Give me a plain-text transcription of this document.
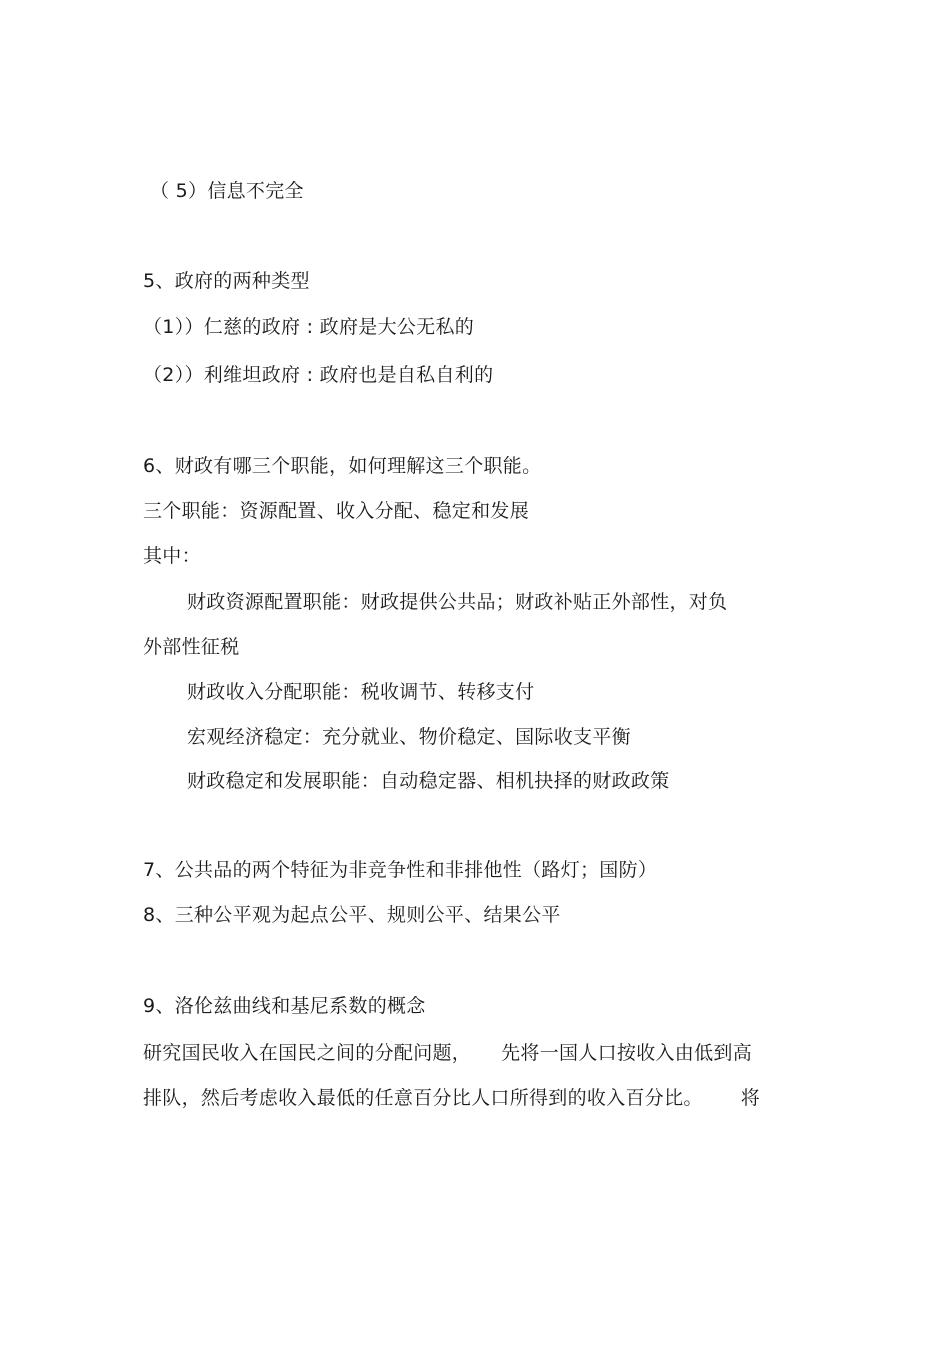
（ 5）信息不完全
5、政府的两种类型
（1））仁慈的政府 : 政府是大公无私的
（2））利维坦政府 : 政府也是自私自利的
6、财政有哪三个职能，如何理解这三个职能。
三个职能：资源配置、收入分配、稳定和发展
其中：
财政资源配置职能：财政提供公共品；财政补贴正外部性，对负
外部性征税
财政收入分配职能：税收调节、转移支付
宏观经济稳定：充分就业、物价稳定、国际收支平衡
财政稳定和发展职能：自动稳定器、相机抉择的财政政策
7、公共品的两个特征为非竞争性和非排他性（路灯；国防）
8、三种公平观为起点公平、规则公平、结果公平
9、洛伦兹曲线和基尼系数的概念
研究国民收入在国民之间的分配问题， 先将一国人口按收入由低到高
排队，然后考虑收入最低的任意百分比人口所得到的收入百分比。 将
